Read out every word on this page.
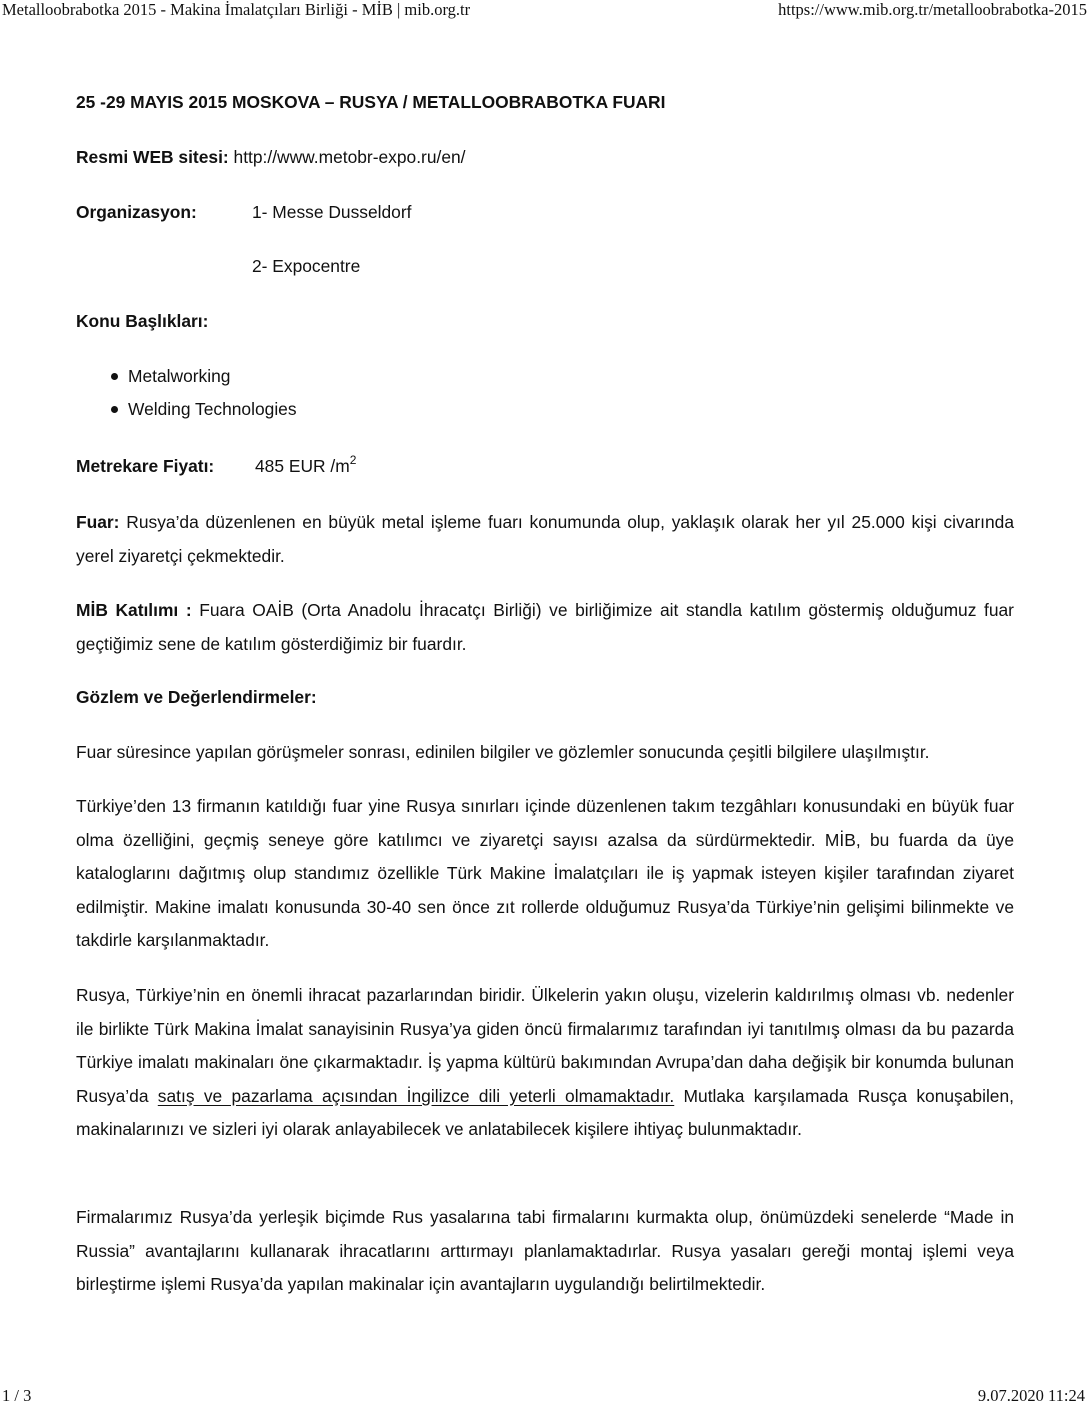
Metalloobrabotka 2015 - Makina İmalatçıları Birliği - MİB | mib.org.tr	https://www.mib.org.tr/metalloobrabotka-2015
25 -29 MAYIS 2015 MOSKOVA – RUSYA / METALLOOBRABOTKA FUARI
Resmi WEB sitesi: http://www.metobr-expo.ru/en/
Organizasyon:	1- Messe Dusseldorf
2- Expocentre
Konu Başlıkları:
Metalworking
Welding Technologies
Metrekare Fiyatı: 485 EUR $/m^2$
Fuar: Rusya’da düzenlenen en büyük metal işleme fuarı konumunda olup, yaklaşık olarak her yıl 25.000 kişi civarında yerel ziyaretçi çekmektedir.
MİB Katılımı : Fuara OAİB (Orta Anadolu İhracatçı Birliği) ve birliğimize ait standla katılım göstermiş olduğumuz fuar geçtiğimiz sene de katılım gösterdiğimiz bir fuardır.
Gözlem ve Değerlendirmeler:
Fuar süresince yapılan görüşmeler sonrası, edinilen bilgiler ve gözlemler sonucunda çeşitli bilgilere ulaşılmıştır.
Türkiye’den 13 firmanın katıldığı fuar yine Rusya sınırları içinde düzenlenen takım tezgâhları konusundaki en büyük fuar olma özelliğini, geçmiş seneye göre katılımcı ve ziyaretçi sayısı azalsa da sürdürmektedir. MİB, bu fuarda da üye kataloglarını dağıtmış olup standımız özellikle Türk Makine İmalatçıları ile iş yapmak isteyen kişiler tarafından ziyaret edilmiştir. Makine imalatı konusunda 30-40 sen önce zıt rollerde olduğumuz Rusya’da Türkiye’nin gelişimi bilinmekte ve takdirle karşılanmaktadır.
Rusya, Türkiye’nin en önemli ihracat pazarlarından biridir. Ülkelerin yakın oluşu, vizelerin kaldırılmış olması vb. nedenler ile birlikte Türk Makina İmalat sanayisinin Rusya’ya giden öncü firmalarımız tarafından iyi tanıtılmış olması da bu pazarda Türkiye imalatı makinaları öne çıkarmaktadır. İş yapma kültürü bakımından Avrupa’dan daha değişik bir konumda bulunan Rusya’da satış ve pazarlama açısından İngilizce dili yeterli olmamaktadır. Mutlaka karşılamada Rusça konuşabilen, makinalarınızı ve sizleri iyi olarak anlayabilecek ve anlatabilecek kişilere ihtiyaç bulunmaktadır.
Firmalarımız Rusya’da yerleşik biçimde Rus yasalarına tabi firmalarını kurmakta olup, önümüzdeki senelerde “Made in Russia” avantajlarını kullanarak ihracatlarını arttırmayı planlamaktadırlar. Rusya yasaları gereği montaj işlemi veya birleştirme işlemi Rusya’da yapılan makinalar için avantajların uygulandığı belirtilmektedir.
1 / 3	9.07.2020 11:24
